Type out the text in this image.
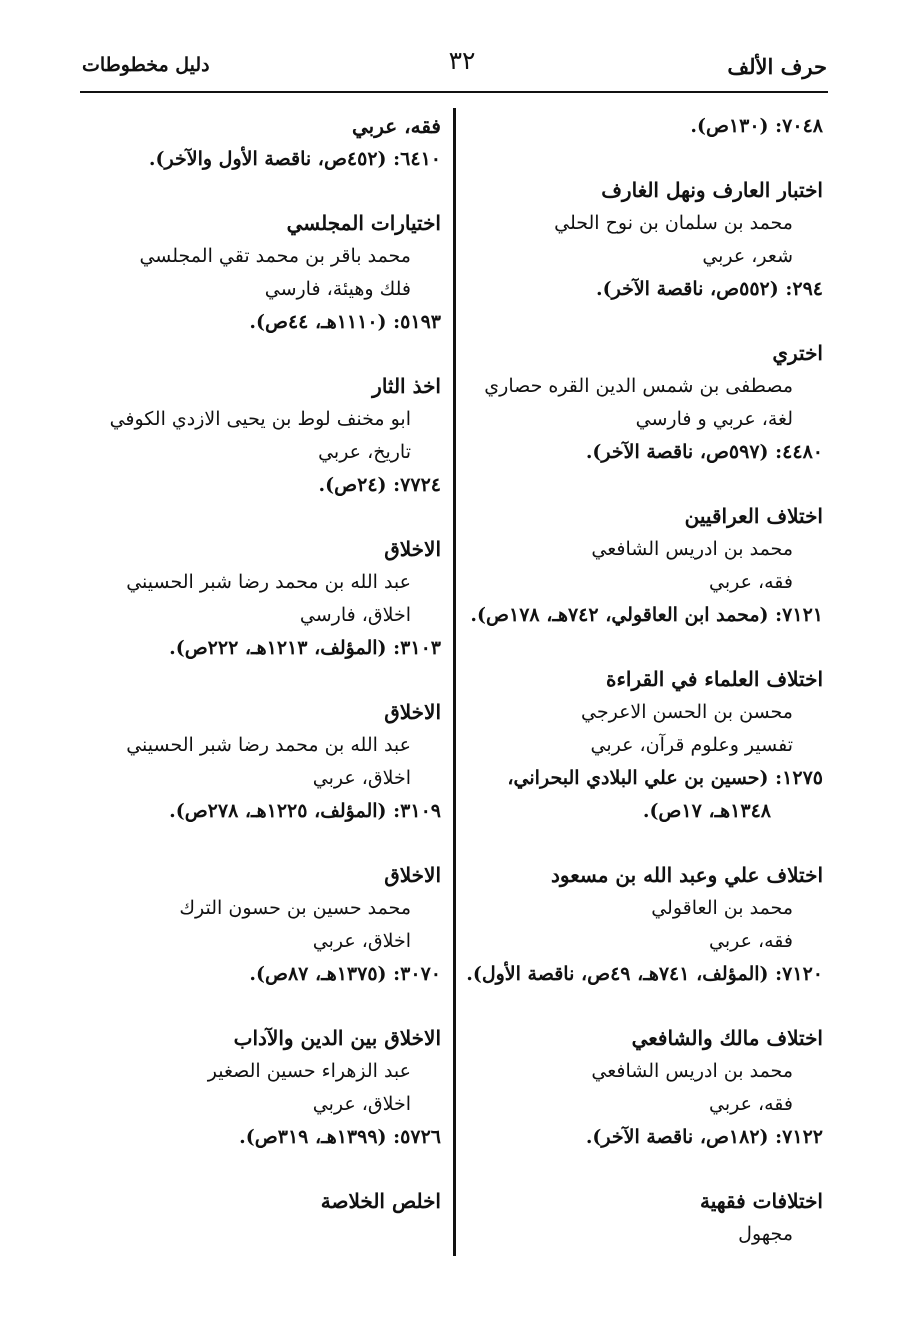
حرف الألف
٣٢
دليل مخطوطات
٧٠٤٨: (١٣٠ص).
اختبار العارف ونهل الغارف
محمد بن سلمان بن نوح الحلي
شعر، عربي
٢٩٤: (٥٥٢ص، ناقصة الآخر).
اختري
مصطفى بن شمس الدين القره حصاري
لغة، عربي و فارسي
٤٤٨٠: (٥٩٧ص، ناقصة الآخر).
اختلاف العراقيين
محمد بن ادريس الشافعي
فقه، عربي
٧١٢١: (محمد ابن العاقولي، ٧٤٢هـ، ١٧٨ص).
اختلاف العلماء في القراءة
محسن بن الحسن الاعرجي
تفسير وعلوم قرآن، عربي
١٢٧٥: (حسين بن علي البلادي البحراني،
١٣٤٨هـ، ١٧ص).
اختلاف علي وعبد الله بن مسعود
محمد بن العاقولي
فقه، عربي
٧١٢٠: (المؤلف، ٧٤١هـ، ٤٩ص، ناقصة الأول).
اختلاف مالك والشافعي
محمد بن ادريس الشافعي
فقه، عربي
٧١٢٢: (١٨٢ص، ناقصة الآخر).
اختلافات فقهية
مجهول
فقه، عربي
٦٤١٠: (٤٥٢ص، ناقصة الأول والآخر).
اختيارات المجلسي
محمد باقر بن محمد تقي المجلسي
فلك وهيئة، فارسي
٥١٩٣: (١١١٠هـ، ٤٤ص).
اخذ الثار
ابو مخنف لوط بن يحيى الازدي الكوفي
تاريخ، عربي
٧٧٢٤: (٢٤ص).
الاخلاق
عبد الله بن محمد رضا شبر الحسيني
اخلاق، فارسي
٣١٠٣: (المؤلف، ١٢١٣هـ، ٢٢٢ص).
الاخلاق
عبد الله بن محمد رضا شبر الحسيني
اخلاق، عربي
٣١٠٩: (المؤلف، ١٢٢٥هـ، ٢٧٨ص).
الاخلاق
محمد حسين بن حسون الترك
اخلاق، عربي
٣٠٧٠: (١٣٧٥هـ، ٨٧ص).
الاخلاق بين الدين والآداب
عبد الزهراء حسين الصغير
اخلاق، عربي
٥٧٢٦: (١٣٩٩هـ، ٣١٩ص).
اخلص الخلاصة
